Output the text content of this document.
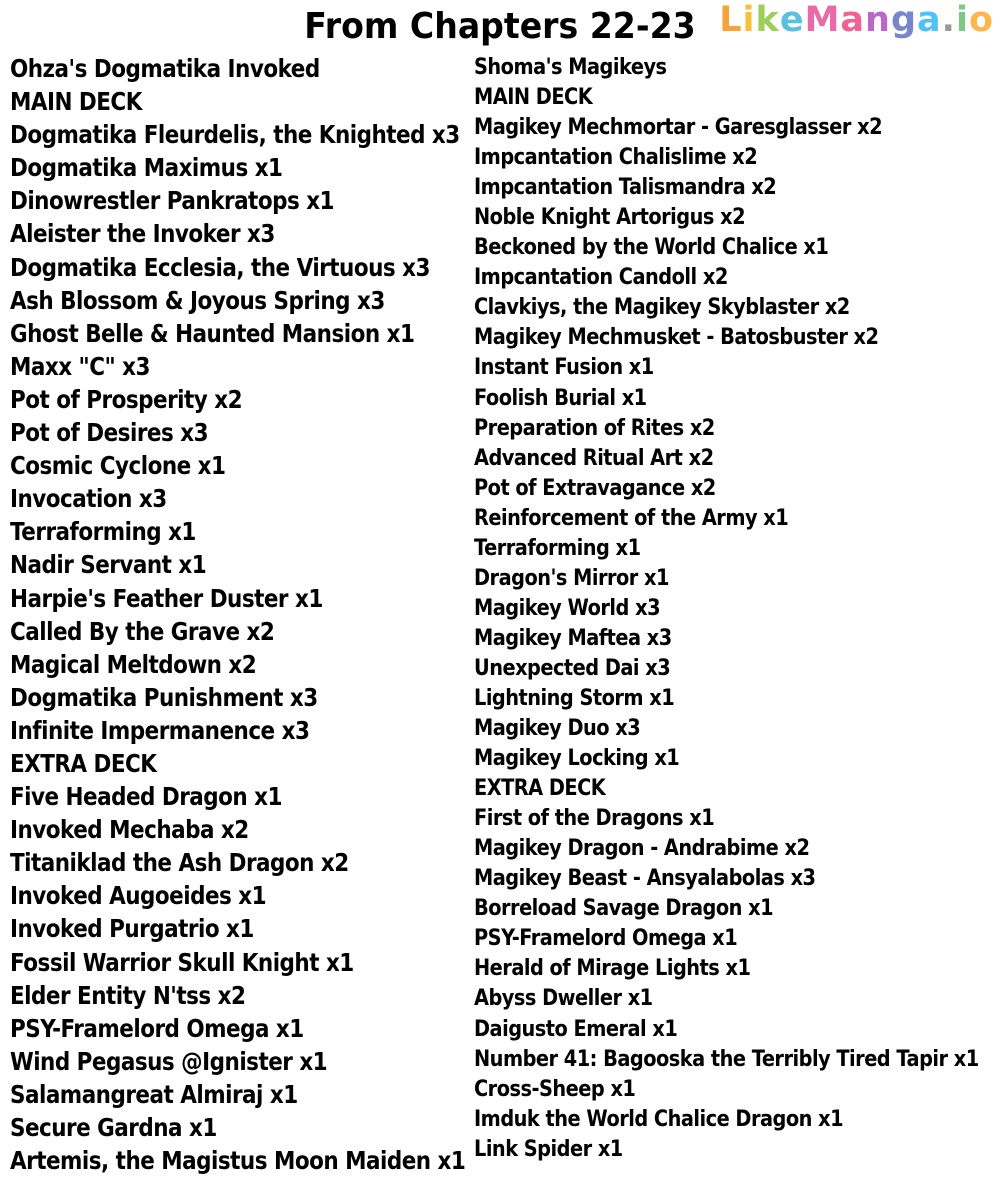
From Chapters 22-23 LikeManga.io
Ohza's Dogmatika Invoked
MAIN DECK
Dogmatika Fleurdelis, the Knighted x3
Dogmatika Maximus x1
Dinowrestler Pankratops x1
Aleister the Invoker x3
Dogmatika Ecclesia, the Virtuous x3
Ash Blossom & Joyous Spring x3
Ghost Belle & Haunted Mansion x1
Maxx "C" x3
Pot of Prosperity x2
Pot of Desires x3
Cosmic Cyclone x1
Invocation x3
Terraforming x1
Nadir Servant x1
Harpie's Feather Duster x1
Called By the Grave x2
Magical Meltdown x2
Dogmatika Punishment x3
Infinite Impermanence x3
EXTRA DECK
Five Headed Dragon x1
Invoked Mechaba x2
Titaniklad the Ash Dragon x2
Invoked Augoeides x1
Invoked Purgatrio x1
Fossil Warrior Skull Knight x1
Elder Entity N'tss x2
PSY-Framelord Omega x1
Wind Pegasus @Ignister x1
Salamangreat Almiraj x1
Secure Gardna x1
Artemis, the Magistus Moon Maiden x1
Shoma's Magikeys
MAIN DECK
Magikey Mechmortar - Garesglasser x2
Impcantation Chalislime x2
Impcantation Talismandra x2
Noble Knight Artorigus x2
Beckoned by the World Chalice x1
Impcantation Candoll x2
Clavkiys, the Magikey Skyblaster x2
Magikey Mechmusket - Batosbuster x2
Instant Fusion x1
Foolish Burial x1
Preparation of Rites x2
Advanced Ritual Art x2
Pot of Extravagance x2
Reinforcement of the Army x1
Terraforming x1
Dragon's Mirror x1
Magikey World x3
Magikey Maftea x3
Unexpected Dai x3
Lightning Storm x1
Magikey Duo x3
Magikey Locking x1
EXTRA DECK
First of the Dragons x1
Magikey Dragon - Andrabime x2
Magikey Beast - Ansyalabolas x3
Borreload Savage Dragon x1
PSY-Framelord Omega x1
Herald of Mirage Lights x1
Abyss Dweller x1
Daigusto Emeral x1
Number 41: Bagooska the Terribly Tired Tapir x1
Cross-Sheep x1
Imduk the World Chalice Dragon x1
Link Spider x1
